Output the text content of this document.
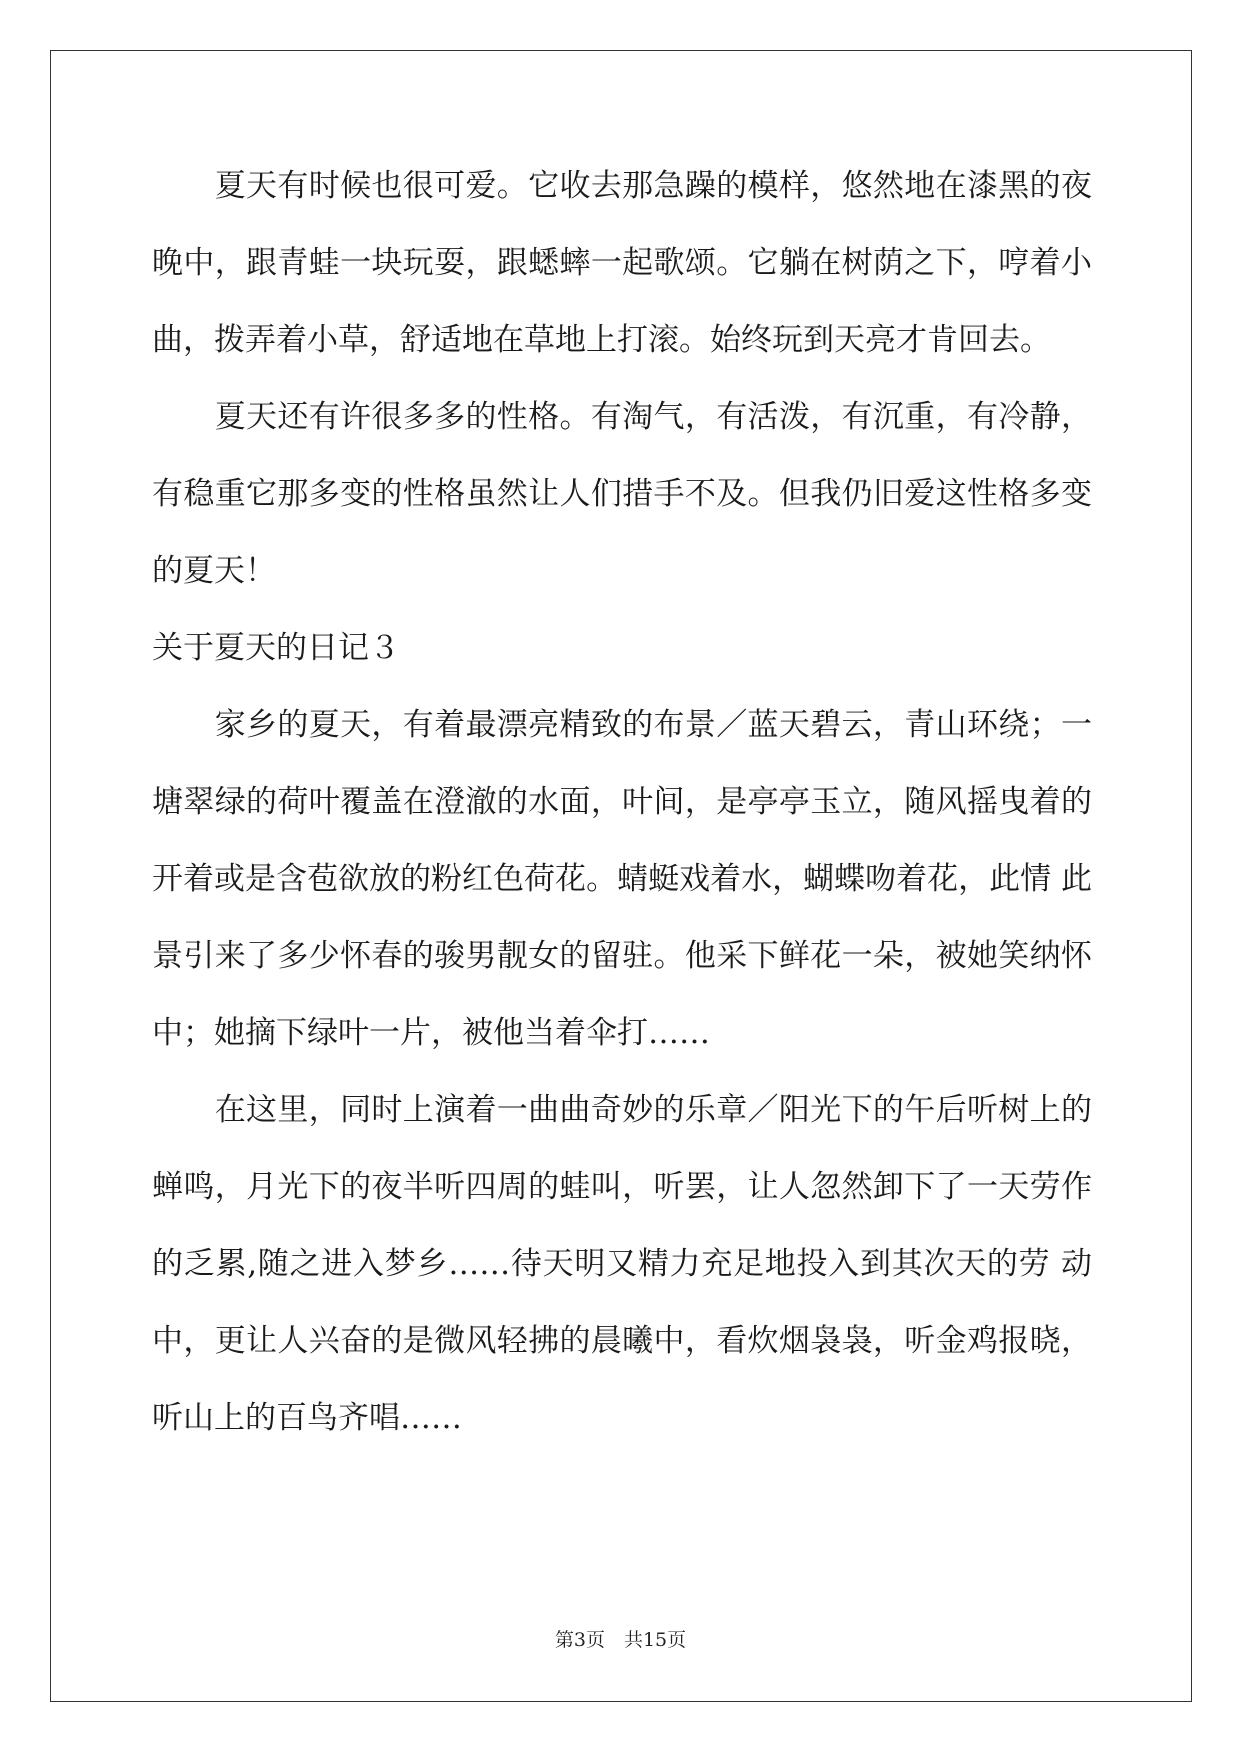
　　夏天有时候也很可爱。它收去那急躁的模样，悠然地在漆黑的夜
晚中，跟青蛙一块玩耍，跟蟋蟀一起歌颂。它躺在树荫之下，哼着小
曲，拨弄着小草，舒适地在草地上打滚。始终玩到天亮才肯回去。
　　夏天还有许很多多的性格。有淘气，有活泼，有沉重，有冷静，
有稳重它那多变的性格虽然让人们措手不及。但我仍旧爱这性格多变
的夏天！
关于夏天的日记３
　　家乡的夏天，有着最漂亮精致的布景／蓝天碧云，青山环绕；一
塘翠绿的荷叶覆盖在澄澈的水面，叶间，是亭亭玉立，随风摇曳着的
开着或是含苞欲放的粉红色荷花。蜻蜓戏着水，蝴蝶吻着花，此情 此
景引来了多少怀春的骏男靓女的留驻。他采下鲜花一朵，被她笑纳怀
中；她摘下绿叶一片，被他当着伞打……
　　在这里，同时上演着一曲曲奇妙的乐章／阳光下的午后听树上的
蝉鸣，月光下的夜半听四周的蛙叫，听罢，让人忽然卸下了一天劳作
的乏累,随之进入梦乡……待天明又精力充足地投入到其次天的劳 动
中，更让人兴奋的是微风轻拂的晨曦中，看炊烟袅袅，听金鸡报晓，
听山上的百鸟齐唱……
第3页　共15页
